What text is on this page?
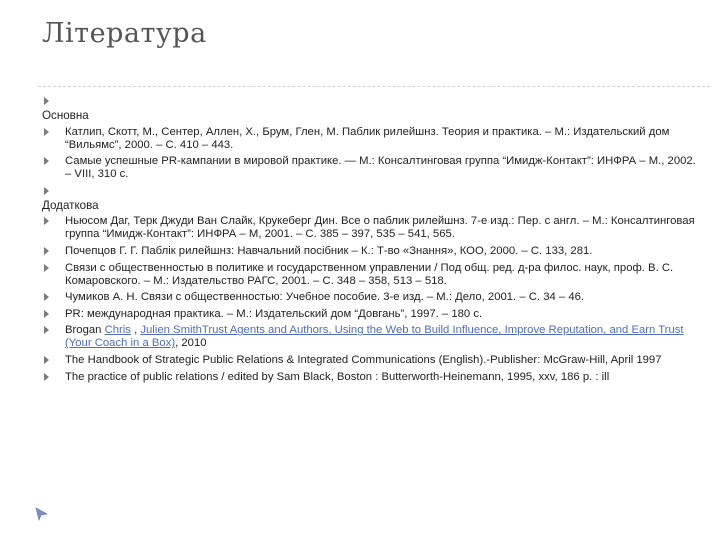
Література
Основна
Катлип, Скотт, М., Сентер, Аллен, Х., Брум, Глен, М. Паблик рилейшнз. Теория и практика. – М.: Издательский дом “Вильямс”, 2000. – С. 410 – 443.
Самые успешные PR-кампании в мировой практике. — М.: Консалтинговая группа “Имидж-Контакт”: ИНФРА – М., 2002. – VIII, 310 с.
Додаткова
Ньюсом Даг, Терк Джуди Ван Слайк, Крукеберг Дин. Все о паблик рилейшнз. 7-е изд.: Пер. с англ. – М.: Консалтинговая группа “Имидж-Контакт”: ИНФРА – М, 2001. – С. 385 – 397, 535 – 541, 565.
Почепцов Г. Г. Паблік рилейшнз: Навчальний посібник – К.: Т-во «Знання», КОО, 2000. – С. 133, 281.
Связи с общественностью в политике и государственном управлении / Под общ. ред. д-ра филос. наук, проф. В. С. Комаровского. – М.: Издательство РАГС, 2001. – С. 348 – 358, 513 – 518.
Чумиков А. Н. Связи с общественностью: Учебное пособие. 3-е изд. – М.: Дело, 2001. – С. 34 – 46.
PR: международная практика. – М.: Издательский дом “Довгань”, 1997. – 180 с.
Brogan Chris , Julien SmithTrust Agents and Authors, Using the Web to Build Influence, Improve Reputation, and Earn Trust (Your Coach in a Box), 2010
The Handbook of Strategic Public Relations & Integrated Communications (English).-Publisher: McGraw-Hill, April 1997
The practice of public relations / edited by Sam Black, Boston : Butterworth-Heinemann, 1995, xxv, 186 p. : ill
